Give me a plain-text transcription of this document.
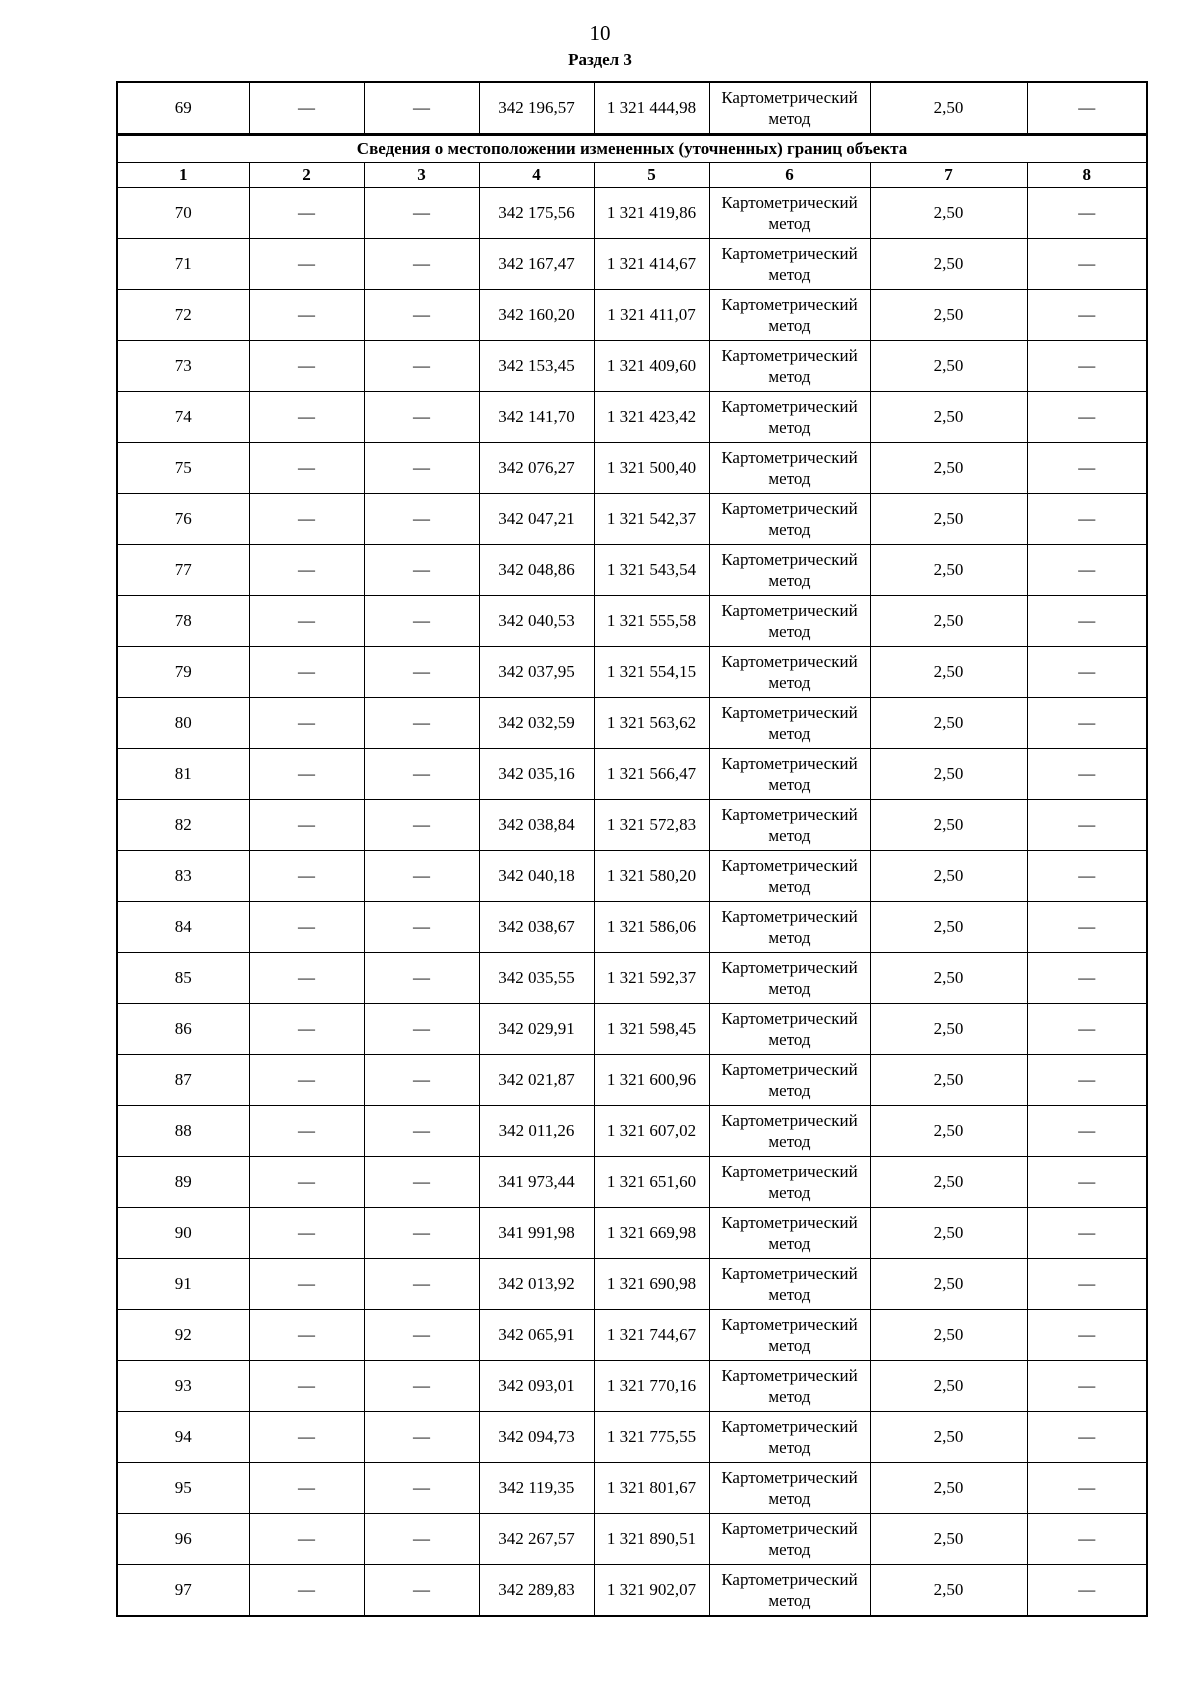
10
Раздел 3
69	—	—	342 196,57	1 321 444,98	Картометрический метод	2,50	—
Сведения о местоположении измененных (уточненных) границ объекта							
1	2	3	4	5	6	7	8
70	—	—	342 175,56	1 321 419,86	Картометрический метод	2,50	—
71	—	—	342 167,47	1 321 414,67	Картометрический метод	2,50	—
72	—	—	342 160,20	1 321 411,07	Картометрический метод	2,50	—
73	—	—	342 153,45	1 321 409,60	Картометрический метод	2,50	—
74	—	—	342 141,70	1 321 423,42	Картометрический метод	2,50	—
75	—	—	342 076,27	1 321 500,40	Картометрический метод	2,50	—
76	—	—	342 047,21	1 321 542,37	Картометрический метод	2,50	—
77	—	—	342 048,86	1 321 543,54	Картометрический метод	2,50	—
78	—	—	342 040,53	1 321 555,58	Картометрический метод	2,50	—
79	—	—	342 037,95	1 321 554,15	Картометрический метод	2,50	—
80	—	—	342 032,59	1 321 563,62	Картометрический метод	2,50	—
81	—	—	342 035,16	1 321 566,47	Картометрический метод	2,50	—
82	—	—	342 038,84	1 321 572,83	Картометрический метод	2,50	—
83	—	—	342 040,18	1 321 580,20	Картометрический метод	2,50	—
84	—	—	342 038,67	1 321 586,06	Картометрический метод	2,50	—
85	—	—	342 035,55	1 321 592,37	Картометрический метод	2,50	—
86	—	—	342 029,91	1 321 598,45	Картометрический метод	2,50	—
87	—	—	342 021,87	1 321 600,96	Картометрический метод	2,50	—
88	—	—	342 011,26	1 321 607,02	Картометрический метод	2,50	—
89	—	—	341 973,44	1 321 651,60	Картометрический метод	2,50	—
90	—	—	341 991,98	1 321 669,98	Картометрический метод	2,50	—
91	—	—	342 013,92	1 321 690,98	Картометрический метод	2,50	—
92	—	—	342 065,91	1 321 744,67	Картометрический метод	2,50	—
93	—	—	342 093,01	1 321 770,16	Картометрический метод	2,50	—
94	—	—	342 094,73	1 321 775,55	Картометрический метод	2,50	—
95	—	—	342 119,35	1 321 801,67	Картометрический метод	2,50	—
96	—	—	342 267,57	1 321 890,51	Картометрический метод	2,50	—
97	—	—	342 289,83	1 321 902,07	Картометрический метод	2,50	—
